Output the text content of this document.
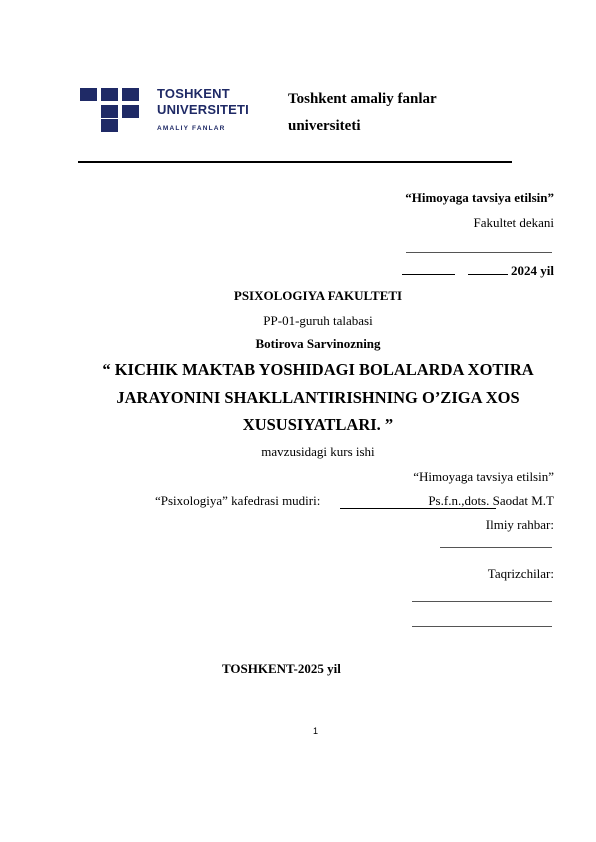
TOSHKENT
UNIVERSITETI
AMALIY FANLAR
Toshkent amaliy fanlar
universiteti
“Himoyaga tavsiya etilsin”
Fakultet dekani
2024 yil
PSIXOLOGIYA FAKULTETI
PP-01-guruh talabasi
Botirova Sarvinozning
“ KICHIK MAKTAB YOSHIDAGI BOLALARDA XOTIRA
JARAYONINI SHAKLLANTIRISHNING O’ZIGA XOS
XUSUSIYATLARI. ”
mavzusidagi kurs ishi
“Himoyaga tavsiya etilsin”
“Psixologiya” kafedrasi mudiri:	Ps.f.n.,dots. Saodat M.T
Ilmiy rahbar:
Taqrizchilar:
TOSHKENT-2025 yil
1
